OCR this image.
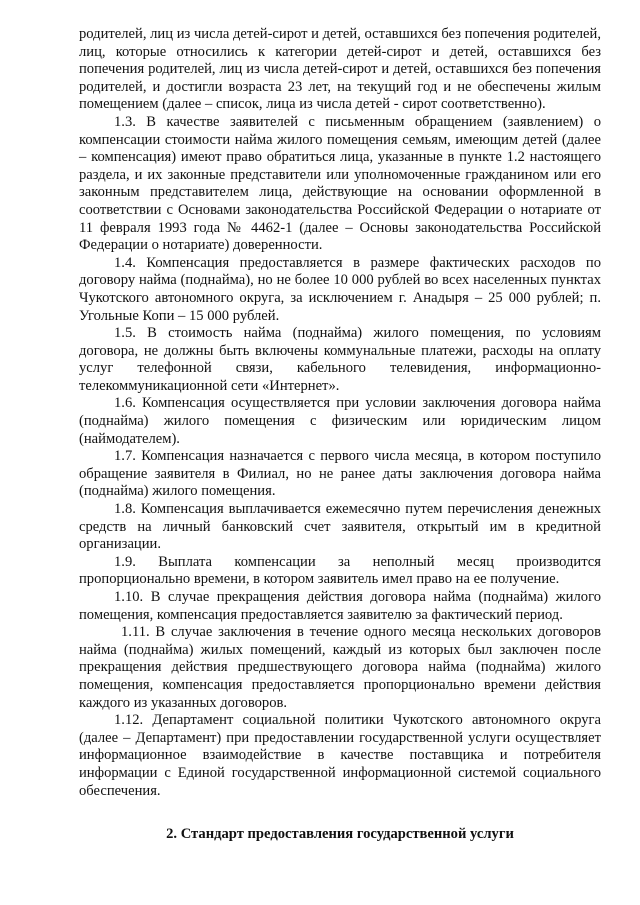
родителей, лиц из числа детей-сирот и детей, оставшихся без попечения родителей, лиц, которые относились к категории детей-сирот и детей, оставшихся без попечения родителей, лиц из числа детей-сирот и детей, оставшихся без попечения родителей, и достигли возраста 23 лет, на текущий год и не обеспечены жилым помещением (далее – список, лица из числа детей - сирот соответственно).

1.3. В качестве заявителей с письменным обращением (заявлением) о компенсации стоимости найма жилого помещения семьям, имеющим детей (далее – компенсация) имеют право обратиться лица, указанные в пункте 1.2 настоящего раздела, и их законные представители или уполномоченные гражданином или его законным представителем лица, действующие на основании оформленной в соответствии с Основами законодательства Российской Федерации о нотариате от 11 февраля 1993 года № 4462-1 (далее – Основы законодательства Российской Федерации о нотариате) доверенности.

1.4. Компенсация предоставляется в размере фактических расходов по договору найма (поднайма), но не более 10 000 рублей во всех населенных пунктах Чукотского автономного округа, за исключением г. Анадыря – 25 000 рублей; п. Угольные Копи – 15 000 рублей.

1.5. В стоимость найма (поднайма) жилого помещения, по условиям договора, не должны быть включены коммунальные платежи, расходы на оплату услуг телефонной связи, кабельного телевидения, информационно-телекоммуникационной сети «Интернет».

1.6. Компенсация осуществляется при условии заключения договора найма (поднайма) жилого помещения с физическим или юридическим лицом (наймодателем).

1.7. Компенсация назначается с первого числа месяца, в котором поступило обращение заявителя в Филиал, но не ранее даты заключения договора найма (поднайма) жилого помещения.

1.8. Компенсация выплачивается ежемесячно путем перечисления денежных средств на личный банковский счет заявителя, открытый им в кредитной организации.

1.9. Выплата компенсации за неполный месяц производится пропорционально времени, в котором заявитель имел право на ее получение.

1.10. В случае прекращения действия договора найма (поднайма) жилого помещения, компенсация предоставляется заявителю за фактический период.

1.11. В случае заключения в течение одного месяца нескольких договоров найма (поднайма) жилых помещений, каждый из которых был заключен после прекращения действия предшествующего договора найма (поднайма) жилого помещения, компенсация предоставляется пропорционально времени действия каждого из указанных договоров.

1.12. Департамент социальной политики Чукотского автономного округа (далее – Департамент) при предоставлении государственной услуги осуществляет информационное взаимодействие в качестве поставщика и потребителя информации с Единой государственной информационной системой социального обеспечения.

2. Стандарт предоставления государственной услуги
